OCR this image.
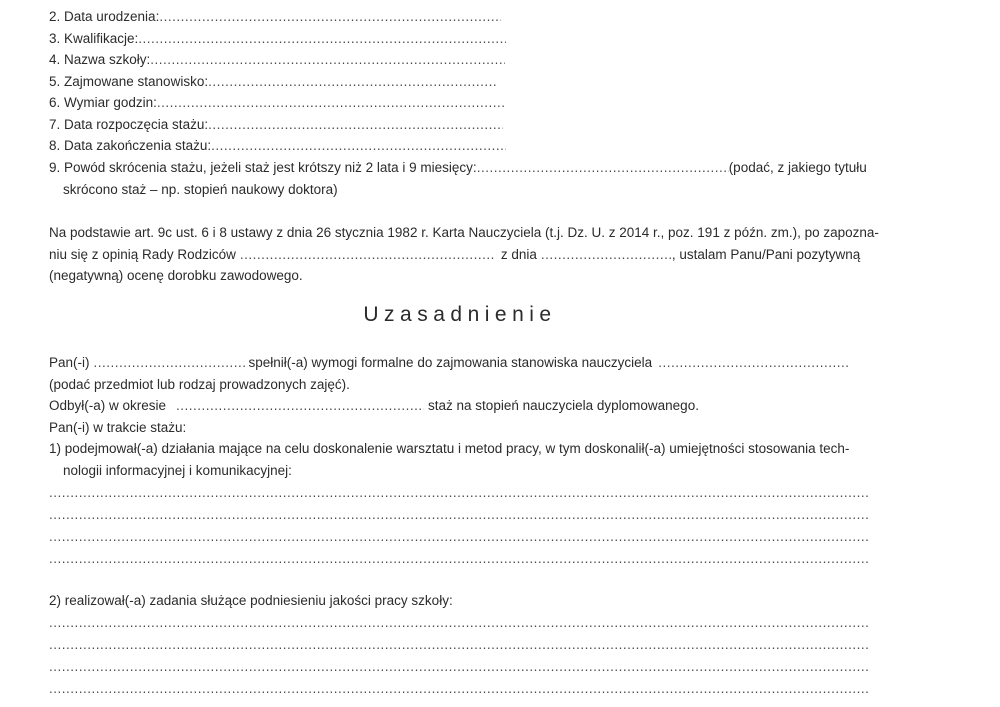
2. Data urodzenia:
.....
3. Kwalifikacje:
.....
4. Nazwa szkoły:
.....
5. Zajmowane stanowisko:
.....
6. Wymiar godzin:
.....
7. Data rozpoczęcia stażu:
.....
8. Data zakończenia stażu:
.....
9. Powód skrócenia stażu, jeżeli staż jest krótszy niż 2 lata i 9 miesięcy: .....	(podać, z jakiego tytułu
skrócono staż – np. stopień naukowy doktora)
Na podstawie art. 9c ust. 6 i 8 ustawy z dnia 26 stycznia 1982 r. Karta Nauczyciela (t.j. Dz. U. z 2014 r., poz. 191 z późn. zm.), po zapozna-
niu się z opinią Rady Rodziców .....	z dnia .....	, ustalam Panu/Pani pozytywną
(negatywną) ocenę dorobku zawodowego.
Uzasadnienie
Pan(-i) .....	spełnił(-a) wymogi formalne do zajmowania stanowiska nauczyciela
.....
(podać przedmiot lub rodzaj prowadzonych zajęć).
Odbył(-a) w okresie .....	staż na stopień nauczyciela dyplomowanego.
Pan(-i) w trakcie stażu:
1) podejmował(-a) działania mające na celu doskonalenie warsztatu i metod pracy, w tym doskonalił(-a) umiejętności stosowania tech-
nologii informacyjnej i komunikacyjnej:
.....
.....
.....
.....
2) realizował(-a) zadania służące podniesieniu jakości pracy szkoły:
.....
.....
.....
.....
